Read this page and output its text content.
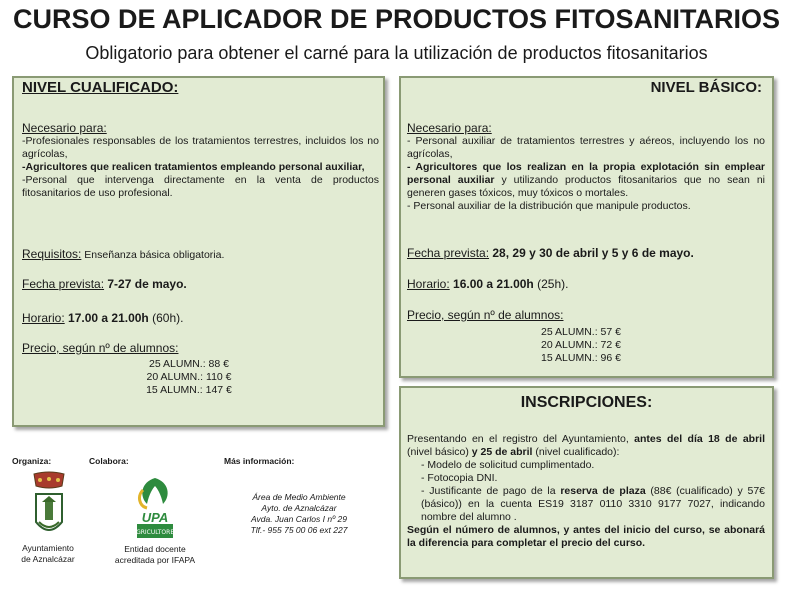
CURSO DE APLICADOR DE PRODUCTOS FITOSANITARIOS
Obligatorio para obtener el carné para la utilización de productos fitosanitarios
NIVEL CUALIFICADO:
Necesario para:
-Profesionales responsables de los tratamientos terrestres, incluidos los no agrícolas,
-Agricultores que realicen tratamientos empleando personal auxiliar,
-Personal que intervenga directamente en la venta de productos fitosanitarios de uso profesional.
Requisitos: Enseñanza básica obligatoria.
Fecha prevista: 7-27 de mayo.
Horario: 17.00 a 21.00h (60h).
Precio, según nº de alumnos:
25 ALUMN.: 88 €
20 ALUMN.: 110 €
15 ALUMN.: 147 €
NIVEL BÁSICO:
Necesario para:
- Personal auxiliar de tratamientos terrestres y aéreos, incluyendo los no agrícolas,
- Agricultores que los realizan en la propia explotación sin emplear personal auxiliar y utilizando productos fitosanitarios que no sean ni generen gases tóxicos, muy tóxicos o mortales.
- Personal auxiliar de la distribución que manipule productos.
Fecha prevista: 28, 29 y 30 de abril y 5 y 6 de mayo.
Horario: 16.00 a 21.00h (25h).
Precio, según nº de alumnos:
25 ALUMN.: 57 €
20 ALUMN.: 72 €
15 ALUMN.: 96 €
INSCRIPCIONES:
Presentando en el registro del Ayuntamiento, antes del día 18 de abril (nivel básico) y 25 de abril (nivel cualificado):
- Modelo de solicitud cumplimentado.
- Fotocopia DNI.
- Justificante de pago de la reserva de plaza (88€ (cualificado) y 57€ (básico)) en la cuenta ES19 3187 0110 3310 9177 7027, indicando nombre del alumno .
Según el número de alumnos, y antes del inicio del curso, se abonará la diferencia para completar el precio del curso.
Organiza:
Ayuntamiento
de Aznalcázar
Colabora:
AGRICULTORES
UPA
Entidad docente
acreditada por IFAPA
Más información:
Área de Medio Ambiente
Ayto. de Aznalcázar
Avda. Juan Carlos I nº 29
Tlf.- 955 75 00 06 ext 227
